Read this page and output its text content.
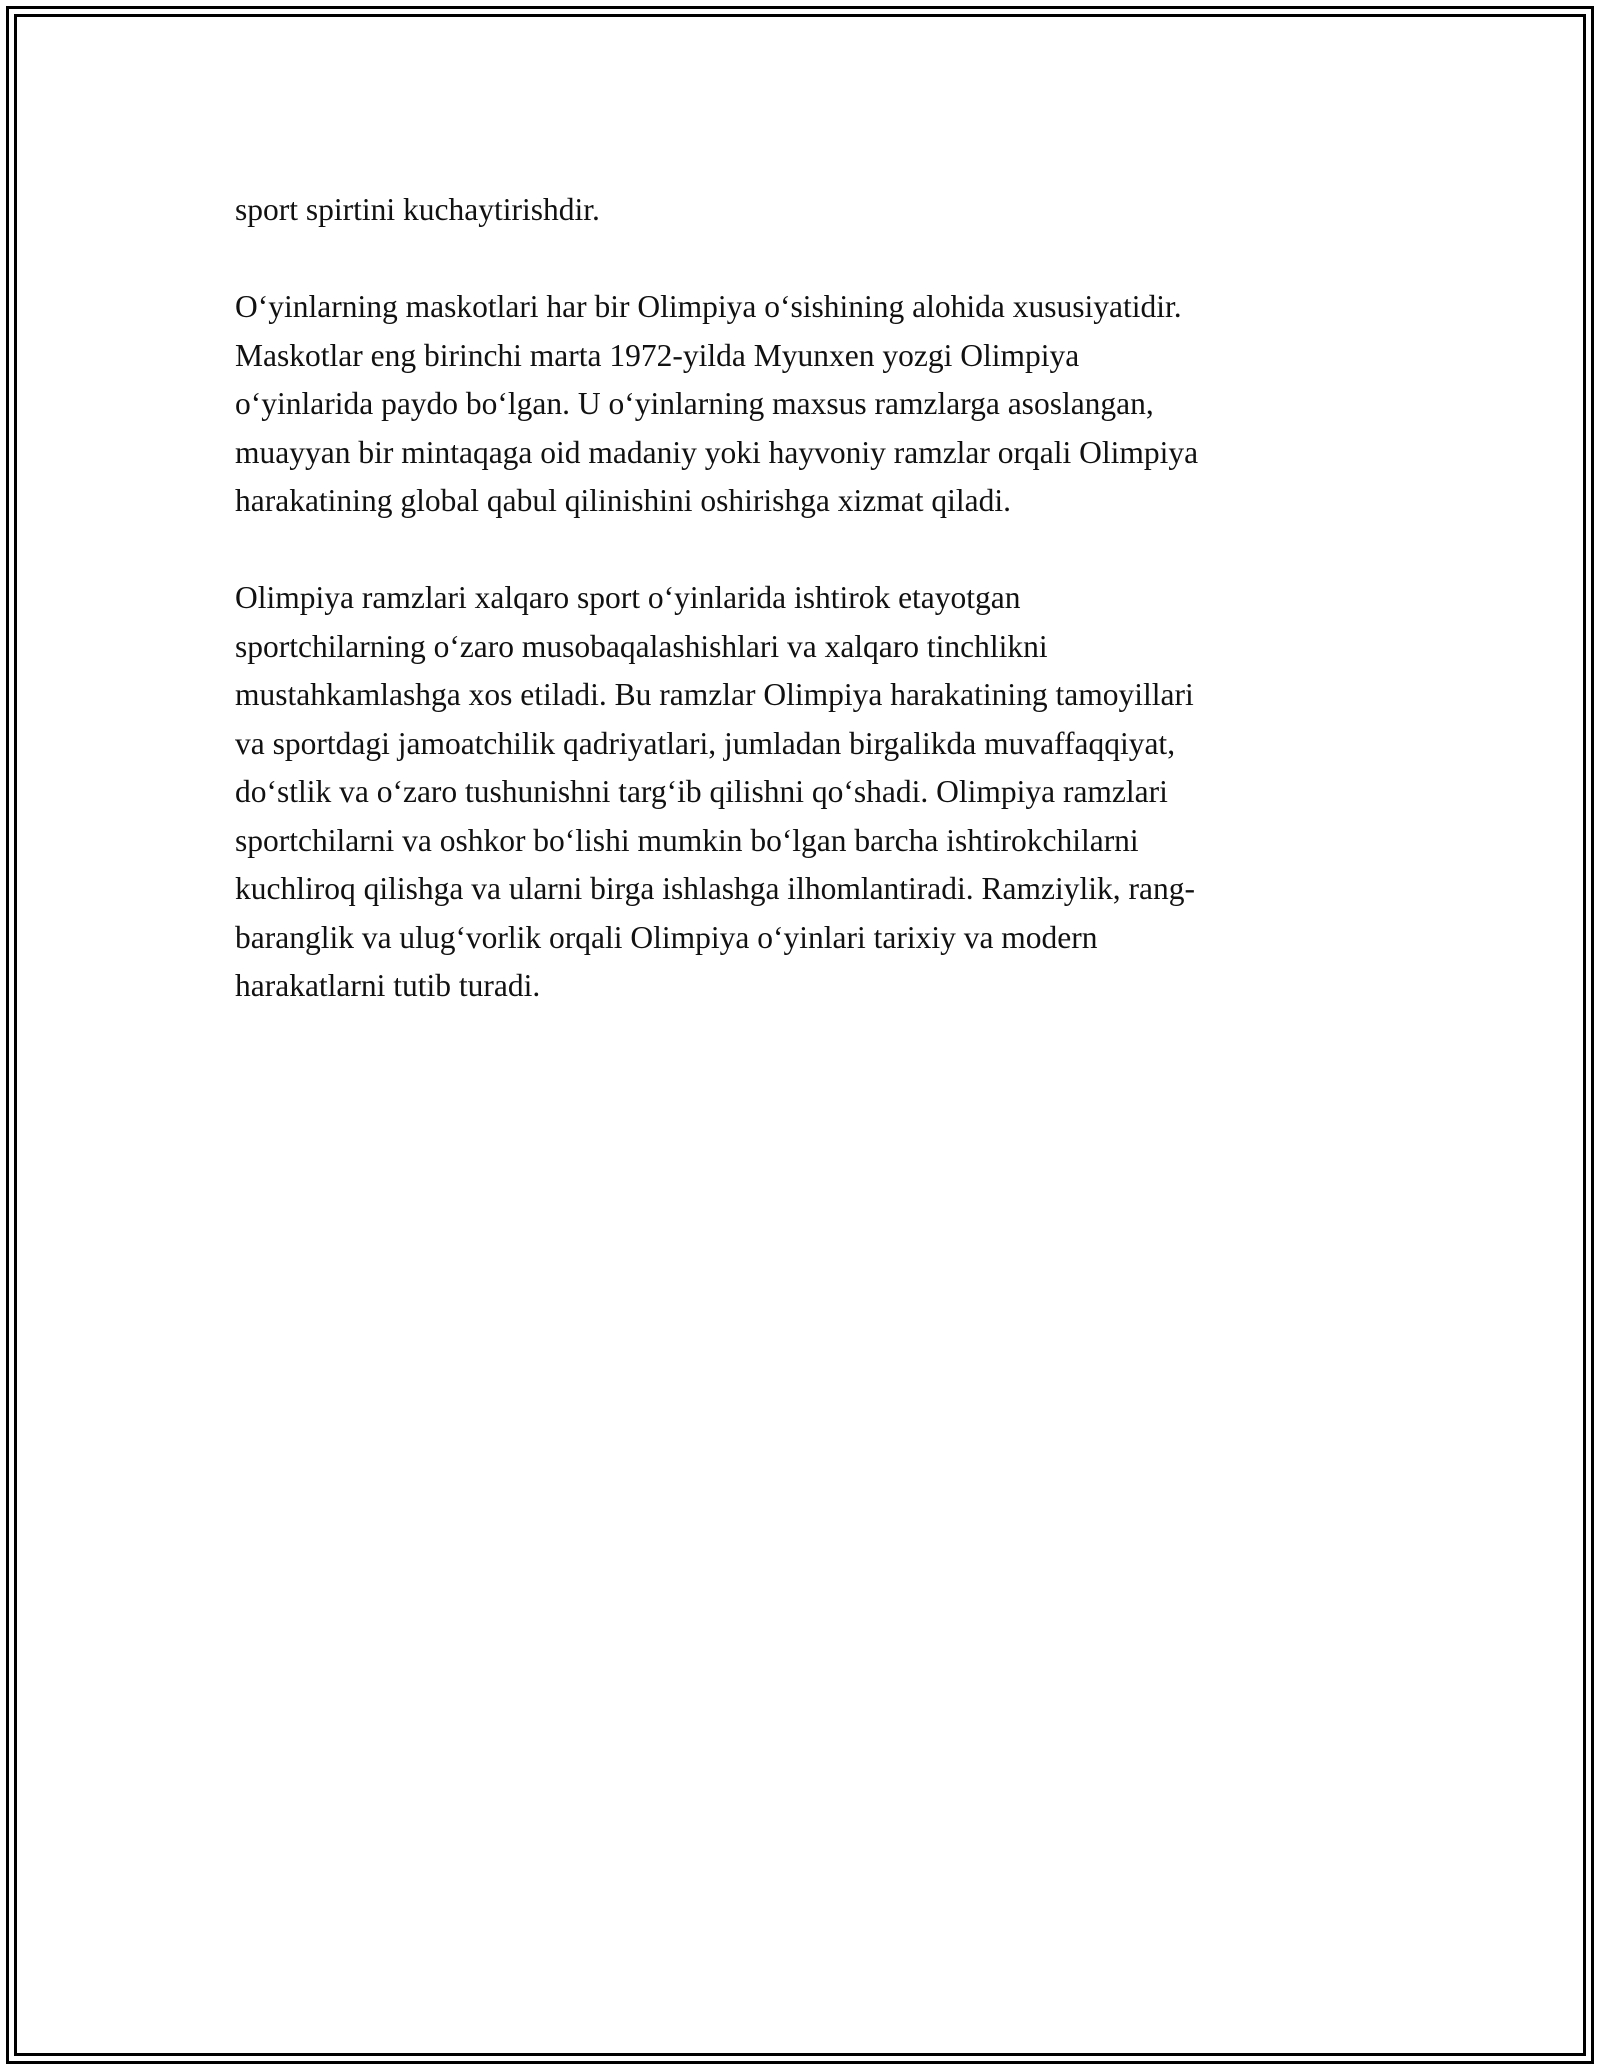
sport spirtini kuchaytirishdir.

O‘yinlarning maskotlari har bir Olimpiya o‘sishining alohida xususiyatidir.
Maskotlar eng birinchi marta 1972-yilda Myunxen yozgi Olimpiya
o‘yinlarida paydo bo‘lgan. U o‘yinlarning maxsus ramzlarga asoslangan,
muayyan bir mintaqaga oid madaniy yoki hayvoniy ramzlar orqali Olimpiya
harakatining global qabul qilinishini oshirishga xizmat qiladi.

Olimpiya ramzlari xalqaro sport o‘yinlarida ishtirok etayotgan
sportchilarning o‘zaro musobaqalashishlari va xalqaro tinchlikni
mustahkamlashga xos etiladi. Bu ramzlar Olimpiya harakatining tamoyillari
va sportdagi jamoatchilik qadriyatlari, jumladan birgalikda muvaffaqqiyat,
do‘stlik va o‘zaro tushunishni targ‘ib qilishni qo‘shadi. Olimpiya ramzlari
sportchilarni va oshkor bo‘lishi mumkin bo‘lgan barcha ishtirokchilarni
kuchliroq qilishga va ularni birga ishlashga ilhomlantiradi. Ramziylik, rang-
baranglik va ulug‘vorlik orqali Olimpiya o‘yinlari tarixiy va modern
harakatlarni tutib turadi.
